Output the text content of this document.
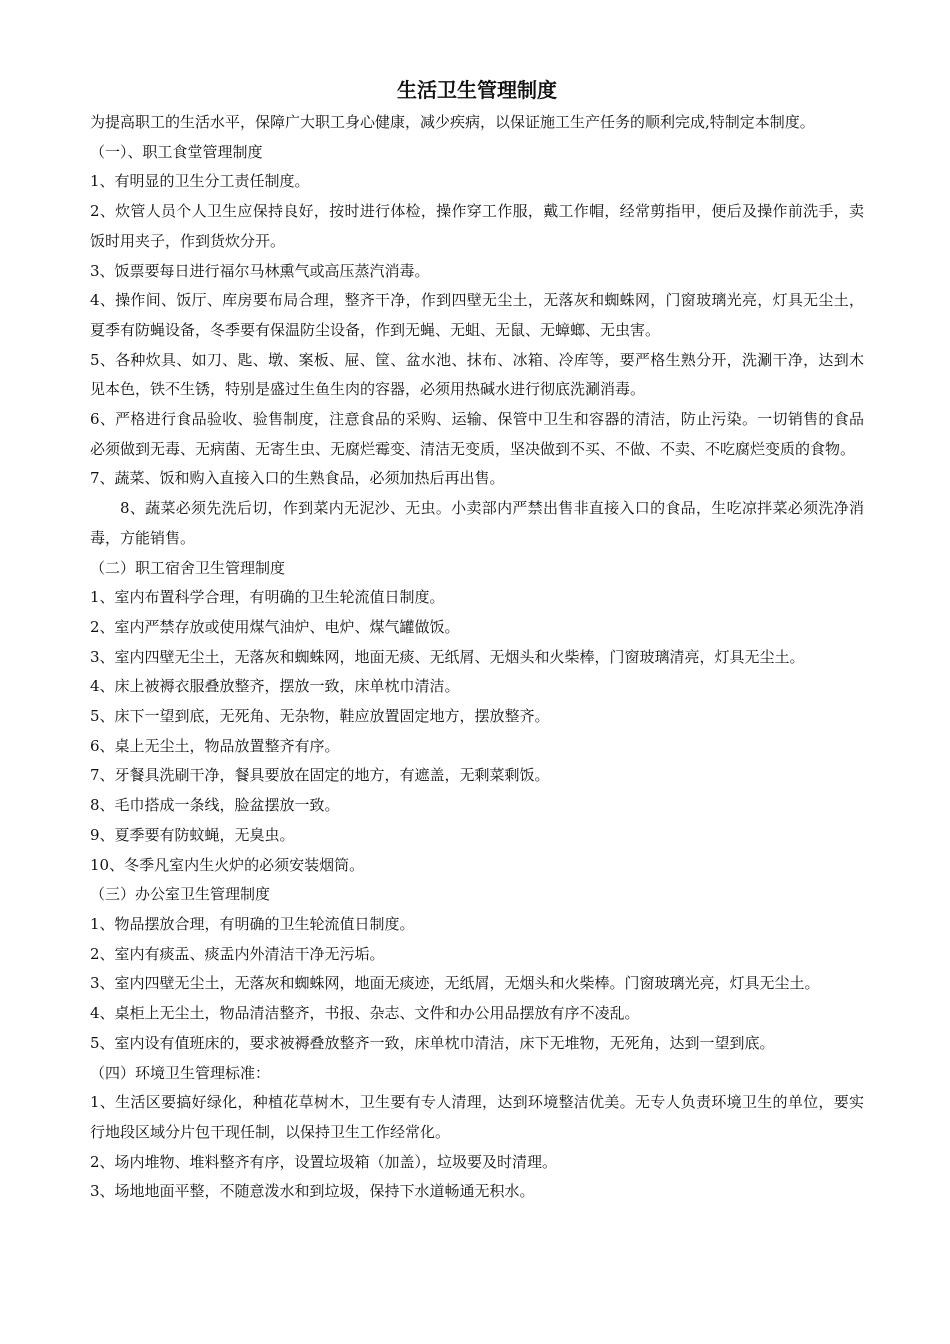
生活卫生管理制度

为提高职工的生活水平，保障广大职工身心健康，减少疾病，以保证施工生产任务的顺利完成,特制定本制度。

（一）、职工食堂管理制度

1、有明显的卫生分工责任制度。

2、炊管人员个人卫生应保持良好，按时进行体检，操作穿工作服，戴工作帽，经常剪指甲，便后及操作前洗手，卖饭时用夹子，作到货炊分开。

3、饭票要每日进行福尔马林熏气或高压蒸汽消毒。

4、操作间、饭厅、库房要布局合理，整齐干净，作到四壁无尘土，无落灰和蜘蛛网，门窗玻璃光亮，灯具无尘土，夏季有防蝇设备，冬季要有保温防尘设备，作到无蝇、无蛆、无鼠、无蟑螂、无虫害。

5、各种炊具、如刀、匙、墩、案板、屉、筐、盆水池、抹布、冰箱、冷库等，要严格生熟分开，洗涮干净，达到木见本色，铁不生锈，特别是盛过生鱼生肉的容器，必须用热碱水进行彻底洗涮消毒。

6、严格进行食品验收、验售制度，注意食品的采购、运输、保管中卫生和容器的清洁，防止污染。一切销售的食品必须做到无毒、无病菌、无寄生虫、无腐烂霉变、清洁无变质，坚决做到不买、不做、不卖、不吃腐烂变质的食物。

7、蔬菜、饭和购入直接入口的生熟食品，必须加热后再出售。

8、蔬菜必须先洗后切，作到菜内无泥沙、无虫。小卖部内严禁出售非直接入口的食品，生吃凉拌菜必须洗净消毒，方能销售。

（二）职工宿舍卫生管理制度

1、室内布置科学合理，有明确的卫生轮流值日制度。

2、室内严禁存放或使用煤气油炉、电炉、煤气罐做饭。

3、室内四壁无尘土，无落灰和蜘蛛网，地面无痰、无纸屑、无烟头和火柴棒，门窗玻璃清亮，灯具无尘土。

4、床上被褥衣服叠放整齐，摆放一致，床单枕巾清洁。

5、床下一望到底，无死角、无杂物，鞋应放置固定地方，摆放整齐。

6、桌上无尘土，物品放置整齐有序。

7、牙餐具洗刷干净，餐具要放在固定的地方，有遮盖，无剩菜剩饭。

8、毛巾搭成一条线，脸盆摆放一致。

9、夏季要有防蚊蝇，无臭虫。

10、冬季凡室内生火炉的必须安装烟筒。

（三）办公室卫生管理制度

1、物品摆放合理，有明确的卫生轮流值日制度。

2、室内有痰盂、痰盂内外清洁干净无污垢。

3、室内四壁无尘土，无落灰和蜘蛛网，地面无痰迹，无纸屑，无烟头和火柴棒。门窗玻璃光亮，灯具无尘土。

4、桌柜上无尘土，物品清洁整齐，书报、杂志、文件和办公用品摆放有序不凌乱。

5、室内设有值班床的，要求被褥叠放整齐一致，床单枕巾清洁，床下无堆物，无死角，达到一望到底。

（四）环境卫生管理标准：

1、生活区要搞好绿化，种植花草树木，卫生要有专人清理，达到环境整洁优美。无专人负责环境卫生的单位，要实行地段区域分片包干现任制，以保持卫生工作经常化。

2、场内堆物、堆料整齐有序，设置垃圾箱（加盖），垃圾要及时清理。

3、场地地面平整，不随意泼水和到垃圾，保持下水道畅通无积水。
